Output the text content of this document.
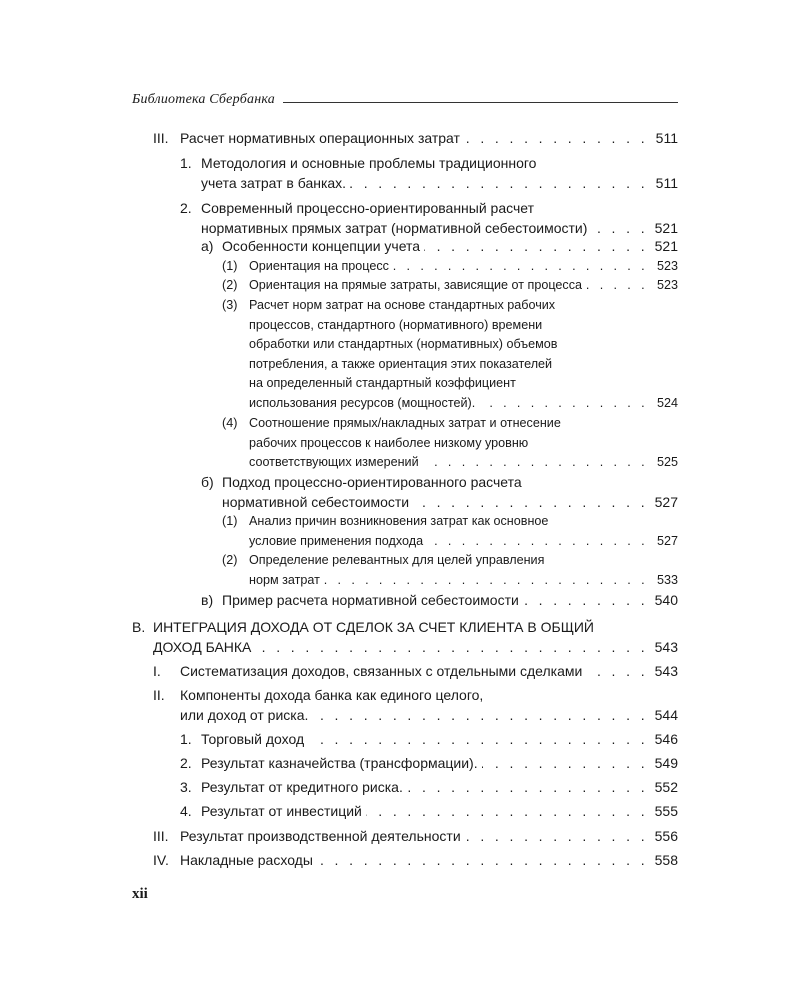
Библиотека Сбербанка
III. Расчет нормативных операционных затрат . . .	511
1. Методология и основные проблемы традиционного
учета затрат в банках. . . .	511
2. Современный процессно-ориентированный расчет
нормативных прямых затрат (нормативной себестоимости) . . .	521
а) Особенности концепции учета . . .	521
(1) Ориентация на процесс . . .	523
(2) Ориентация на прямые затраты, зависящие от процесса . . .	523
(3) Расчет норм затрат на основе стандартных рабочих
процессов, стандартного (нормативного) времени
обработки или стандартных (нормативных) объемов
потребления, а также ориентация этих показателей
на определенный стандартный коэффициент
использования ресурсов (мощностей). . . .	524
(4) Соотношение прямых/накладных затрат и отнесение
рабочих процессов к наиболее низкому уровню
соответствующих измерений . . .	525
б) Подход процессно-ориентированного расчета
нормативной себестоимости . . .	527
(1) Анализ причин возникновения затрат как основное
условие применения подхода . . .	527
(2) Определение релевантных для целей управления
норм затрат . . .	533
в) Пример расчета нормативной себестоимости . . .	540
В. ИНТЕГРАЦИЯ ДОХОДА ОТ СДЕЛОК ЗА СЧЕТ КЛИЕНТА В ОБЩИЙ
ДОХОД БАНКА . . .	543
I.	Систематизация доходов, связанных с отдельными сделками . . .	543
II.	Компоненты дохода банка как единого целого,
или доход от риска. . . .	544
1. Торговый доход . . .	546
2. Результат казначейства (трансформации). . . .	549
3. Результат от кредитного риска. . . .	552
4. Результат от инвестиций . . .	555
III. Результат производственной деятельности . . .	556
IV. Накладные расходы . . .	558
xii
